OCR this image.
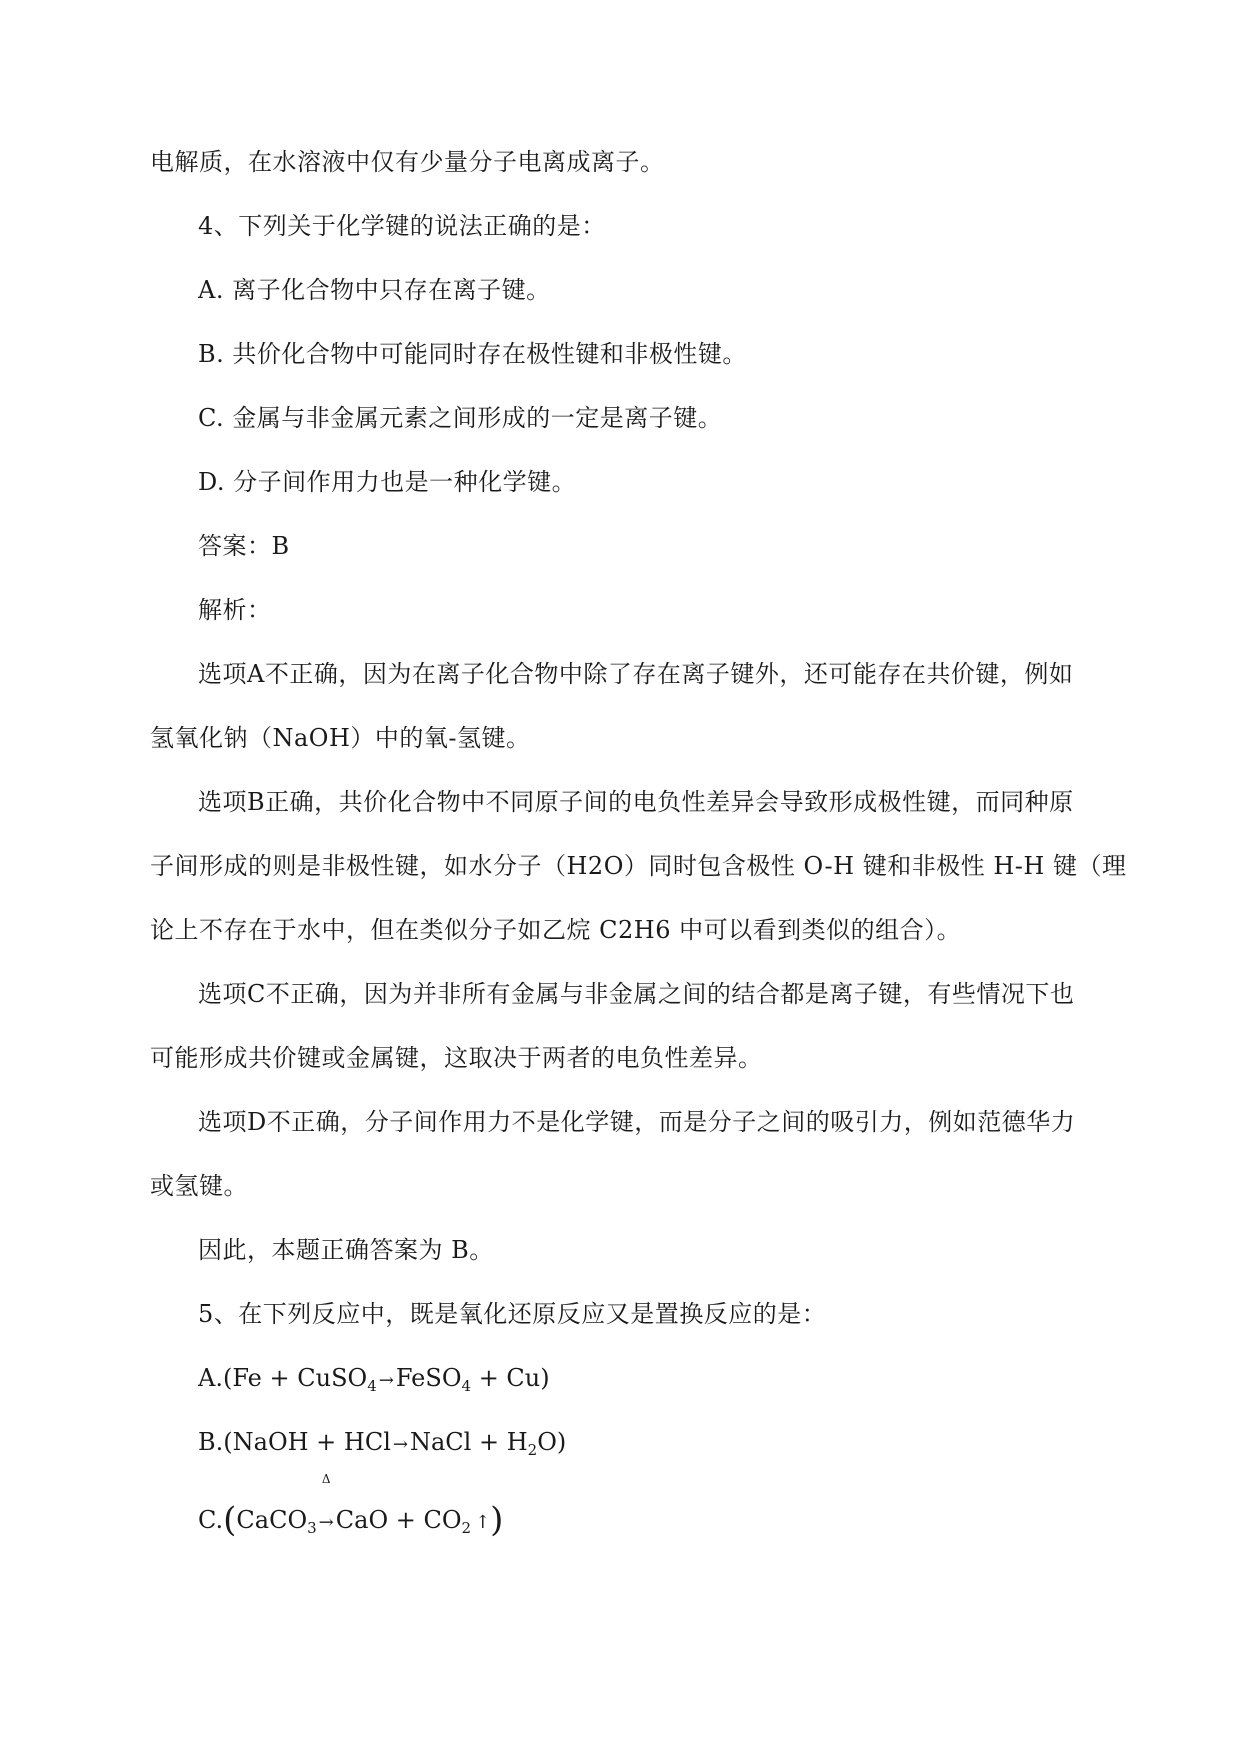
电解质，在水溶液中仅有少量分子电离成离子。
4、下列关于化学键的说法正确的是：
A. 离子化合物中只存在离子键。
B. 共价化合物中可能同时存在极性键和非极性键。
C. 金属与非金属元素之间形成的一定是离子键。
D. 分子间作用力也是一种化学键。
答案：B
解析：
选项A不正确，因为在离子化合物中除了存在离子键外，还可能存在共价键，例如
氢氧化钠（NaOH）中的氧-氢键。
选项B正确，共价化合物中不同原子间的电负性差异会导致形成极性键，而同种原
子间形成的则是非极性键，如水分子（H2O）同时包含极性 O-H 键和非极性 H-H 键（理
论上不存在于水中，但在类似分子如乙烷 C2H6 中可以看到类似的组合）。
选项C不正确，因为并非所有金属与非金属之间的结合都是离子键，有些情况下也
可能形成共价键或金属键，这取决于两者的电负性差异。
选项D不正确，分子间作用力不是化学键，而是分子之间的吸引力，例如范德华力
或氢键。
因此，本题正确答案为 B。
5、在下列反应中，既是氧化还原反应又是置换反应的是：
A.(Fe + CuSO$_4$ →FeSO$_4$ + Cu)
B.(NaOH + HCl →NaCl + $H_2O$)
C.(CaCO$_3$
Δ
$\to CaO + CO_2$ ↑)
